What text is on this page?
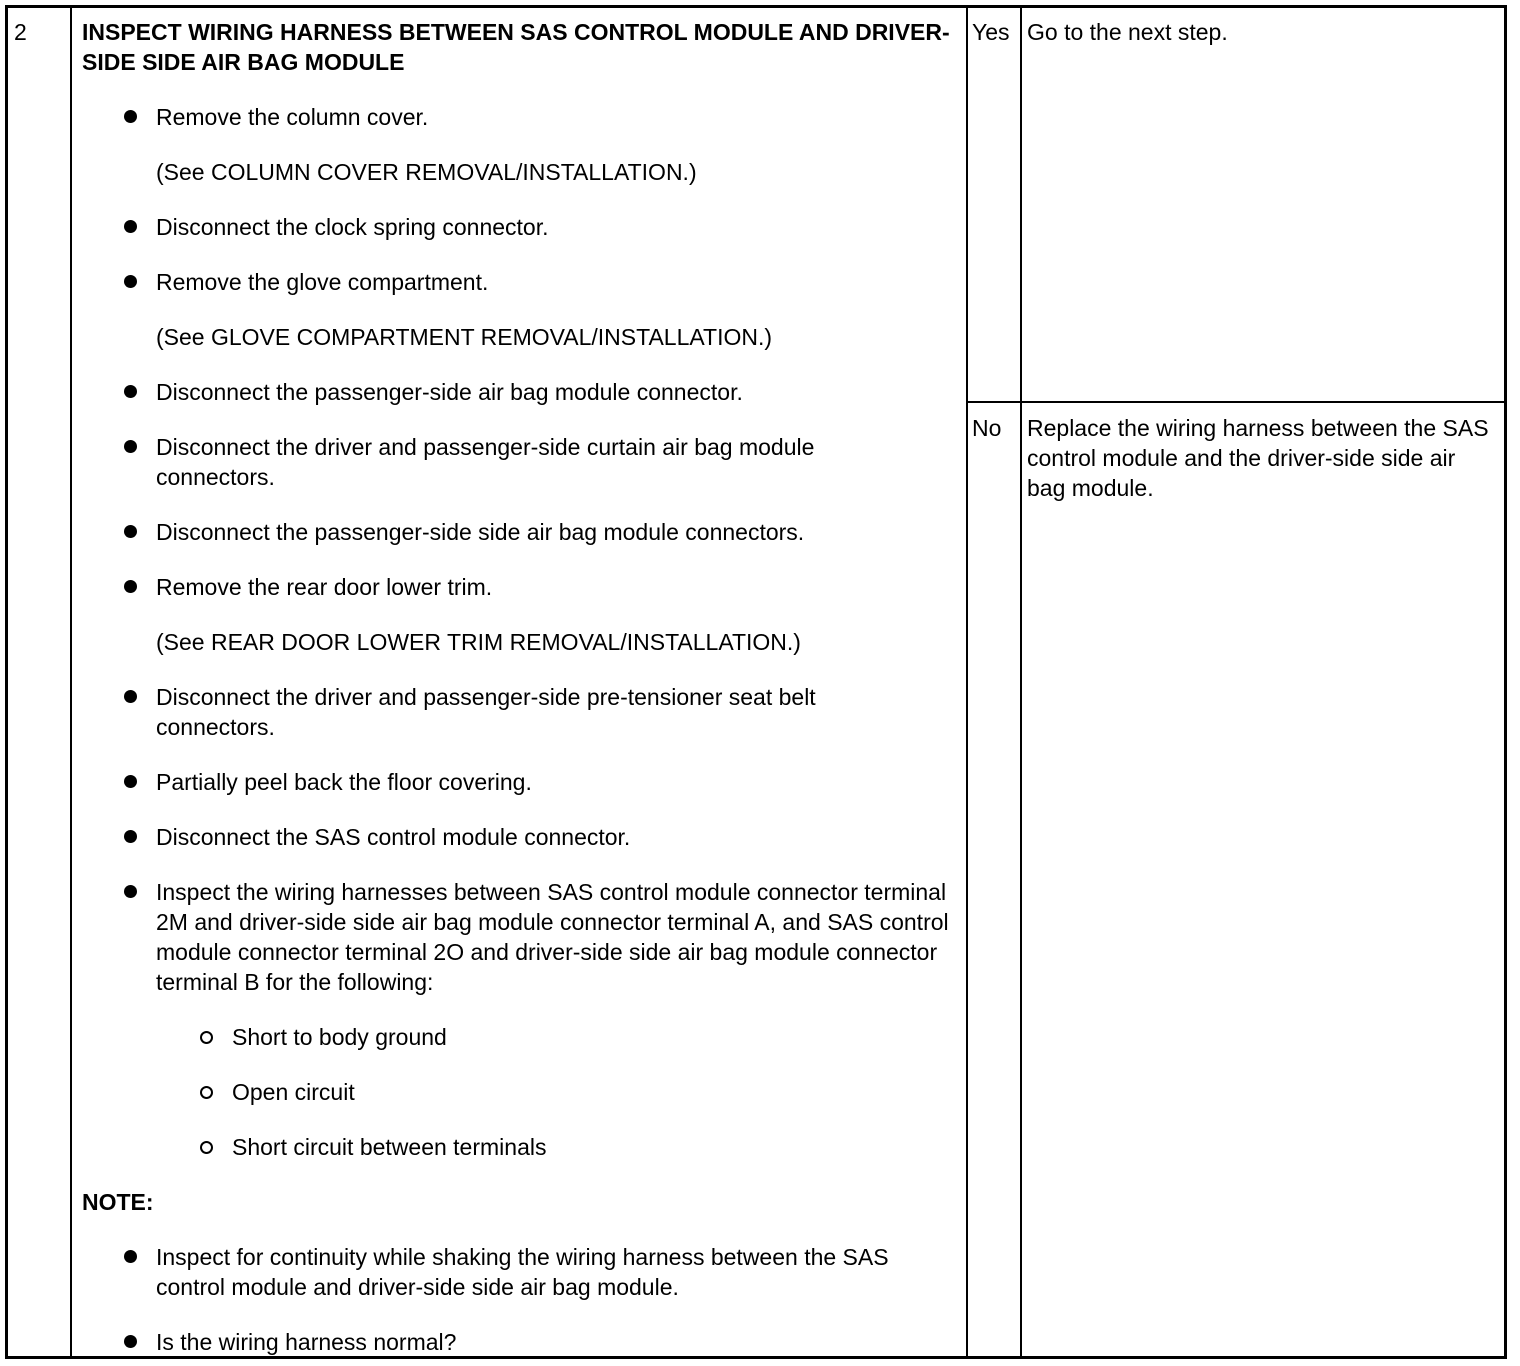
2 INSPECT WIRING HARNESS BETWEEN SAS CONTROL MODULE AND DRIVER-SIDE SIDE AIR BAG MODULE
Yes Go to the next step.
No Replace the wiring harness between the SAS control module and the driver-side side air bag module.
Remove the column cover.
(See COLUMN COVER REMOVAL/INSTALLATION.)
Disconnect the clock spring connector.
Remove the glove compartment.
(See GLOVE COMPARTMENT REMOVAL/INSTALLATION.)
Disconnect the passenger-side air bag module connector.
Disconnect the driver and passenger-side curtain air bag module connectors.
Disconnect the passenger-side side air bag module connectors.
Remove the rear door lower trim.
(See REAR DOOR LOWER TRIM REMOVAL/INSTALLATION.)
Disconnect the driver and passenger-side pre-tensioner seat belt connectors.
Partially peel back the floor covering.
Disconnect the SAS control module connector.
Inspect the wiring harnesses between SAS control module connector terminal 2M and driver-side side air bag module connector terminal A, and SAS control module connector terminal 2O and driver-side side air bag module connector terminal B for the following:
Short to body ground
Open circuit
Short circuit between terminals
NOTE:
Inspect for continuity while shaking the wiring harness between the SAS control module and driver-side side air bag module.
Is the wiring harness normal?
